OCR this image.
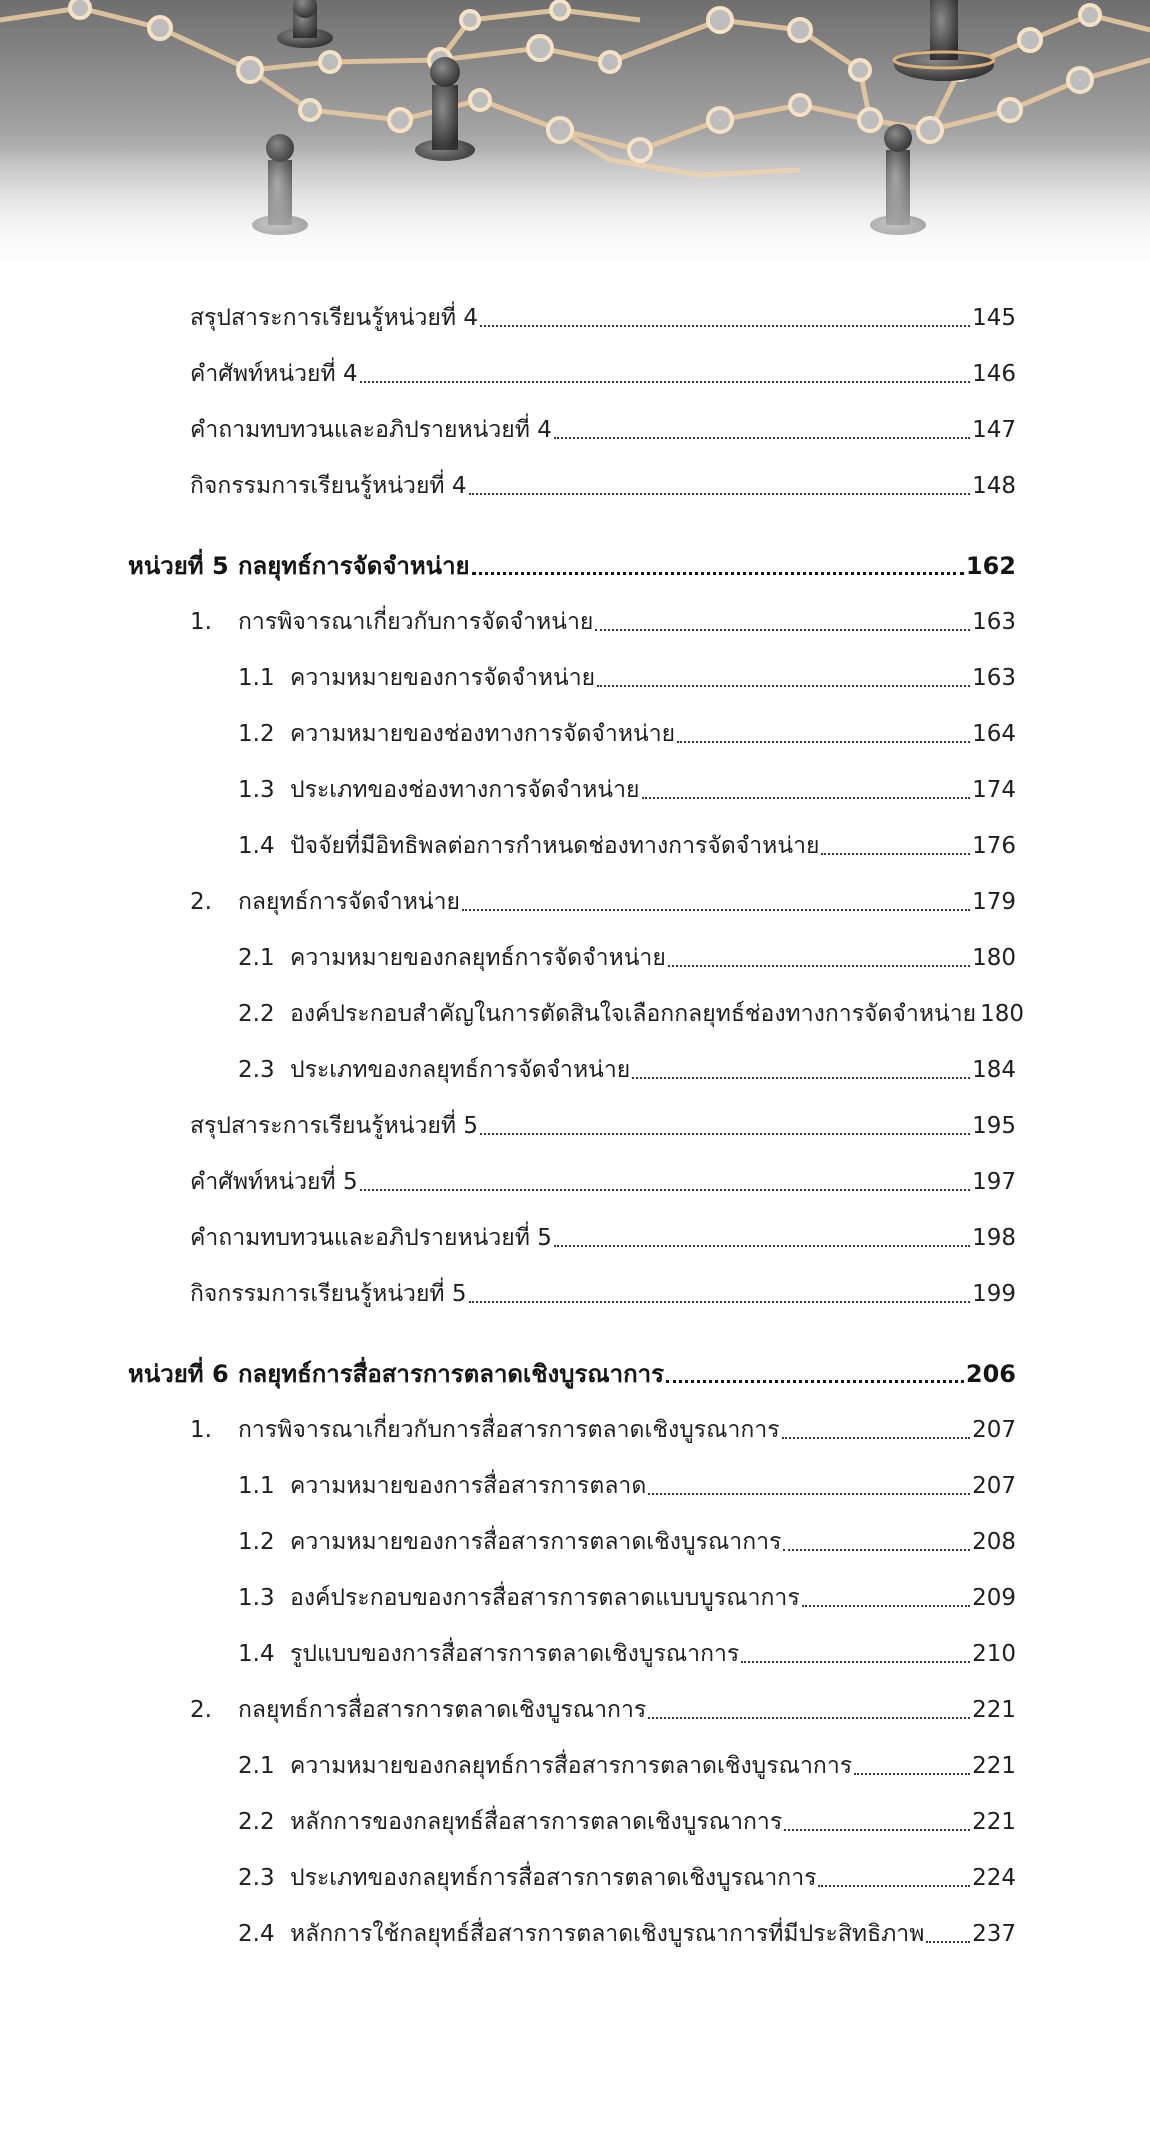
สรุปสาระการเรียนรู้หน่วยที่ 4	145
คำศัพท์หน่วยที่ 4	146
คำถามทบทวนและอภิปรายหน่วยที่ 4	147
กิจกรรมการเรียนรู้หน่วยที่ 4	148
หน่วยที่ 5 กลยุทธ์การจัดจำหน่าย	162
1.	การพิจารณาเกี่ยวกับการจัดจำหน่าย	163
1.1 ความหมายของการจัดจำหน่าย	163
1.2 ความหมายของช่องทางการจัดจำหน่าย	164
1.3 ประเภทของช่องทางการจัดจำหน่าย	174
1.4 ปัจจัยที่มีอิทธิพลต่อการกำหนดช่องทางการจัดจำหน่าย	176
2.	กลยุทธ์การจัดจำหน่าย	179
2.1 ความหมายของกลยุทธ์การจัดจำหน่าย	180
2.2 องค์ประกอบสำคัญในการตัดสินใจเลือกกลยุทธ์ช่องทางการจัดจำหน่าย 180
2.3 ประเภทของกลยุทธ์การจัดจำหน่าย	184
สรุปสาระการเรียนรู้หน่วยที่ 5	195
คำศัพท์หน่วยที่ 5	197
คำถามทบทวนและอภิปรายหน่วยที่ 5	198
กิจกรรมการเรียนรู้หน่วยที่ 5	199
หน่วยที่ 6 กลยุทธ์การสื่อสารการตลาดเชิงบูรณาการ	206
1.	การพิจารณาเกี่ยวกับการสื่อสารการตลาดเชิงบูรณาการ	207
1.1 ความหมายของการสื่อสารการตลาด	207
1.2 ความหมายของการสื่อสารการตลาดเชิงบูรณาการ	208
1.3 องค์ประกอบของการสื่อสารการตลาดแบบบูรณาการ	209
1.4 รูปแบบของการสื่อสารการตลาดเชิงบูรณาการ	210
2.	กลยุทธ์การสื่อสารการตลาดเชิงบูรณาการ	221
2.1 ความหมายของกลยุทธ์การสื่อสารการตลาดเชิงบูรณาการ	221
2.2 หลักการของกลยุทธ์สื่อสารการตลาดเชิงบูรณาการ	221
2.3 ประเภทของกลยุทธ์การสื่อสารการตลาดเชิงบูรณาการ	224
2.4 หลักการใช้กลยุทธ์สื่อสารการตลาดเชิงบูรณาการที่มีประสิทธิภาพ 237
